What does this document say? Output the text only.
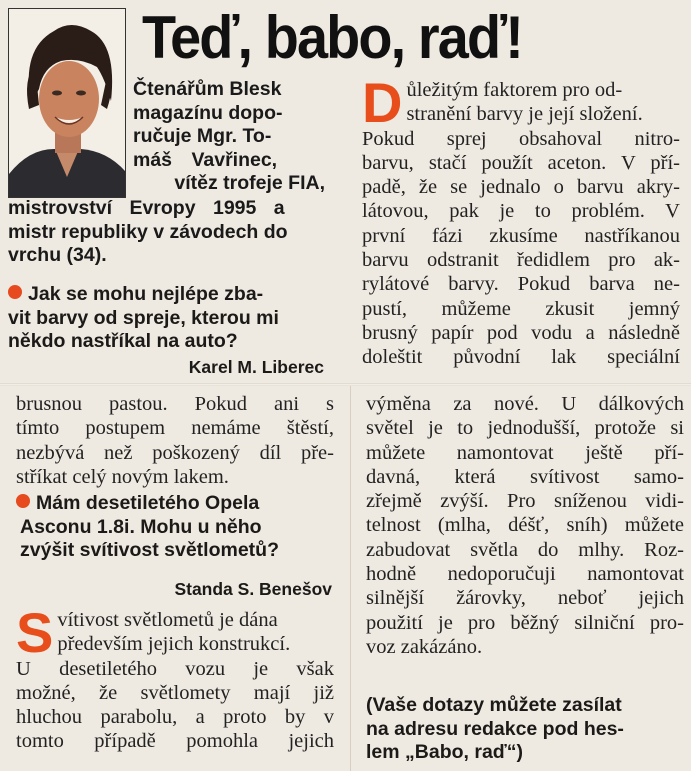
Teď, babo, raď!
Čtenářům Blesk
magazínu dopo-
ručuje Mgr. To-
máš Vavřinec,
vítěz trofeje FIA,
mistrovství Evropy 1995 a
mistr republiky v závodech do
vrchu (34).
Jak se mohu nejlépe zba-
vit barvy od spreje, kterou mi
někdo nastříkal na auto?
Karel M. Liberec
D ůležitým faktorem pro od-
stranění barvy je její složení.
Pokud sprej obsahoval nitro-
barvu, stačí použít aceton. V pří-
padě, že se jednalo o barvu akry-
látovou, pak je to problém. V
první fázi zkusíme nastříkanou
barvu odstranit ředidlem pro ak-
rylátové barvy. Pokud barva ne-
pustí, můžeme zkusit jemný
brusný papír pod vodu a následně
doleštit původní lak speciální
brusnou pastou. Pokud ani s
tímto postupem nemáme štěstí,
nezbývá než poškozený díl pře-
stříkat celý novým lakem.
Mám desetiletého Opela
Asconu 1.8i. Mohu u něho
zvýšit svítivost světlometů?
Standa S. Benešov
S vítivost světlometů je dána
především jejich konstrukcí.
U desetiletého vozu je však
možné, že světlomety mají již
hluchou parabolu, a proto by v
tomto případě pomohla jejich
výměna za nové. U dálkových
světel je to jednodušší, protože si
můžete namontovat ještě pří-
davná, která svítivost samo-
zřejmě zvýší. Pro sníženou vidi-
telnost (mlha, déšť, sníh) můžete
zabudovat světla do mlhy. Roz-
hodně nedoporučuji namontovat
silnější žárovky, neboť jejich
použití je pro běžný silniční pro-
voz zakázáno.
(Vaše dotazy můžete zasílat
na adresu redakce pod hes-
lem „Babo, raď“)
